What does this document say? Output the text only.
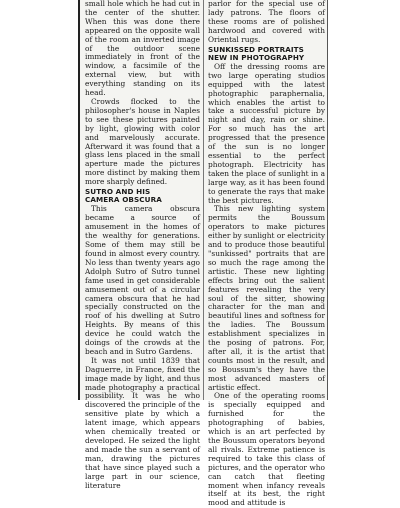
small hole which he had cut in the center of the shutter. When this was done there appeared on the opposite wall of the room an inverted image of the outdoor scene immediately in front of the window, a facsimile of the external view, but with everything standing on its head.

Crowds flocked to the philosopher's house in Naples to see these pictures painted by light, glowing with color and marvelously accurate. Afterward it was found that a glass lens placed in the small aperture made the pictures more distinct by making them more sharply defined.

SUTRO AND HIS
CAMERA OBSCURA

This camera obscura became a source of amusement in the homes of the wealthy for generations. Some of them may still be found in almost every country. No less than twenty years ago Adolph Sutro of Sutro tunnel fame used in get considerable amusement out of a circular camera obscura that he had specially constructed on the roof of his dwelling at Sutro Heights. By means of this device he could watch the doings of the crowds at the beach and in Sutro Gardens.

It was not until 1839 that Daguerre, in France, fixed the image made by light, and thus made photography a practical possibility. It was he who discovered the principle of the sensitive plate by which a latent image, which appears when chemically treated or developed. He seized the light and made the sun a servant of man, drawing the pictures that have since played such a large part in our science, literature

parlor for the special use of lady patrons. The floors of these rooms are of polished hardwood and covered with Oriental rugs.

SUNKISSED PORTRAITS
NEW IN PHOTOGRAPHY

Off the dressing rooms are two large operating studios equipped with the latest photographic paraphernalia, which enables the artist to take a successful picture by night and day, rain or shine. For so much has the art progressed that the presence of the sun is no longer essential to the perfect photograph. Electricity has taken the place of sunlight in a large way, as it has been found to generate the rays that make the best pictures.

This new lighting system permits the Boussum operators to make pictures either by sunlight or electricity and to produce those beautiful "sunkissed" portraits that are so much the rage among the artistic. These new lighting effects bring out the salient features revealing the very soul of the sitter, showing character for the man and beautiful lines and softness for the ladies. The Boussum establishment specializes in the posing of patrons. For, after all, it is the artist that counts most in the result, and so Boussum's they have the most advanced masters of artistic effect.

One of the operating rooms is specially equipped and furnished for the photographing of babies, which is an art perfected by the Boussum operators beyond all rivals. Extreme patience is required to take this class of pictures, and the operator who can catch that fleeting moment when infancy reveals itself at its best, the right mood and attitude is
